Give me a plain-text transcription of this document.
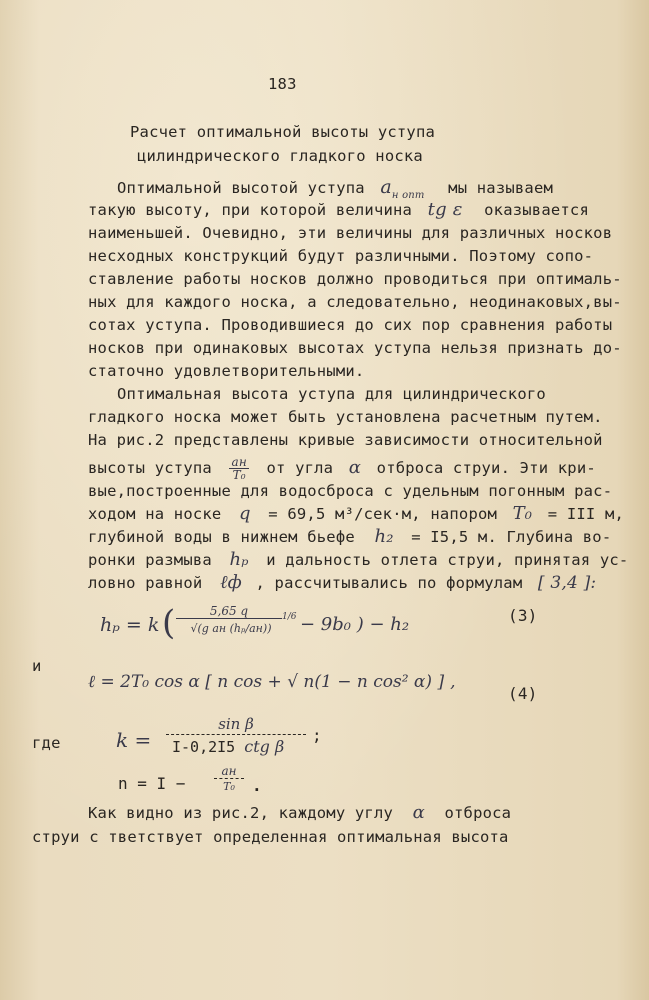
183
Расчет оптимальной высоты уступа
цилиндрического гладкого носка
Оптимальной высотой уступа $a_{н опт}$ мы называем
такую высоту, при которой величина tg ε оказывается
наименьшей. Очевидно, эти величины для различных носков
несходных конструкций будут различными. Поэтому сопо-
ставление работы носков должно проводиться при оптималь-
ных для каждого носка, а следовательно, неодинаковых,вы-
сотах уступа. Проводившиеся до сих пор сравнения работы
носков при одинаковых высотах уступа нельзя признать до-
статочно удовлетворительными.
Оптимальная высота уступа для цилиндрического
гладкого носка может быть установлена расчетным путем.
На рис.2 представлены кривые зависимости относительной
высоты уступа aн
T₀ от угла α отброса струи. Эти кри-
вые,построенные для водосброса с удельным погонным рас-
ходом на носке q = 69,5 м³/сек·м, напором T₀ = III м,
глубиной воды в нижнем бьефе h₂ = I5,5 м. Глубина во-
ронки размыва hₚ и дальность отлета струи, принятая ус-
ловно равной ℓф , рассчитывались по формулам [ 3,4 ]:
hₚ = k (	5,65 q
√(g aн (hₚ/aн))
1/6 − 9b₀ ) − h₂	(3)
и
ℓ = 2T₀ cos α [ n cos + √ n(1 − n cos² α) ] ,
(4)
где	k =
sin β
I-0,2I5 ctg β
;
n = I −
aн
T₀	.
Как видно из рис.2, каждому углу α отброса
струи с тветствует определенная оптимальная высота
